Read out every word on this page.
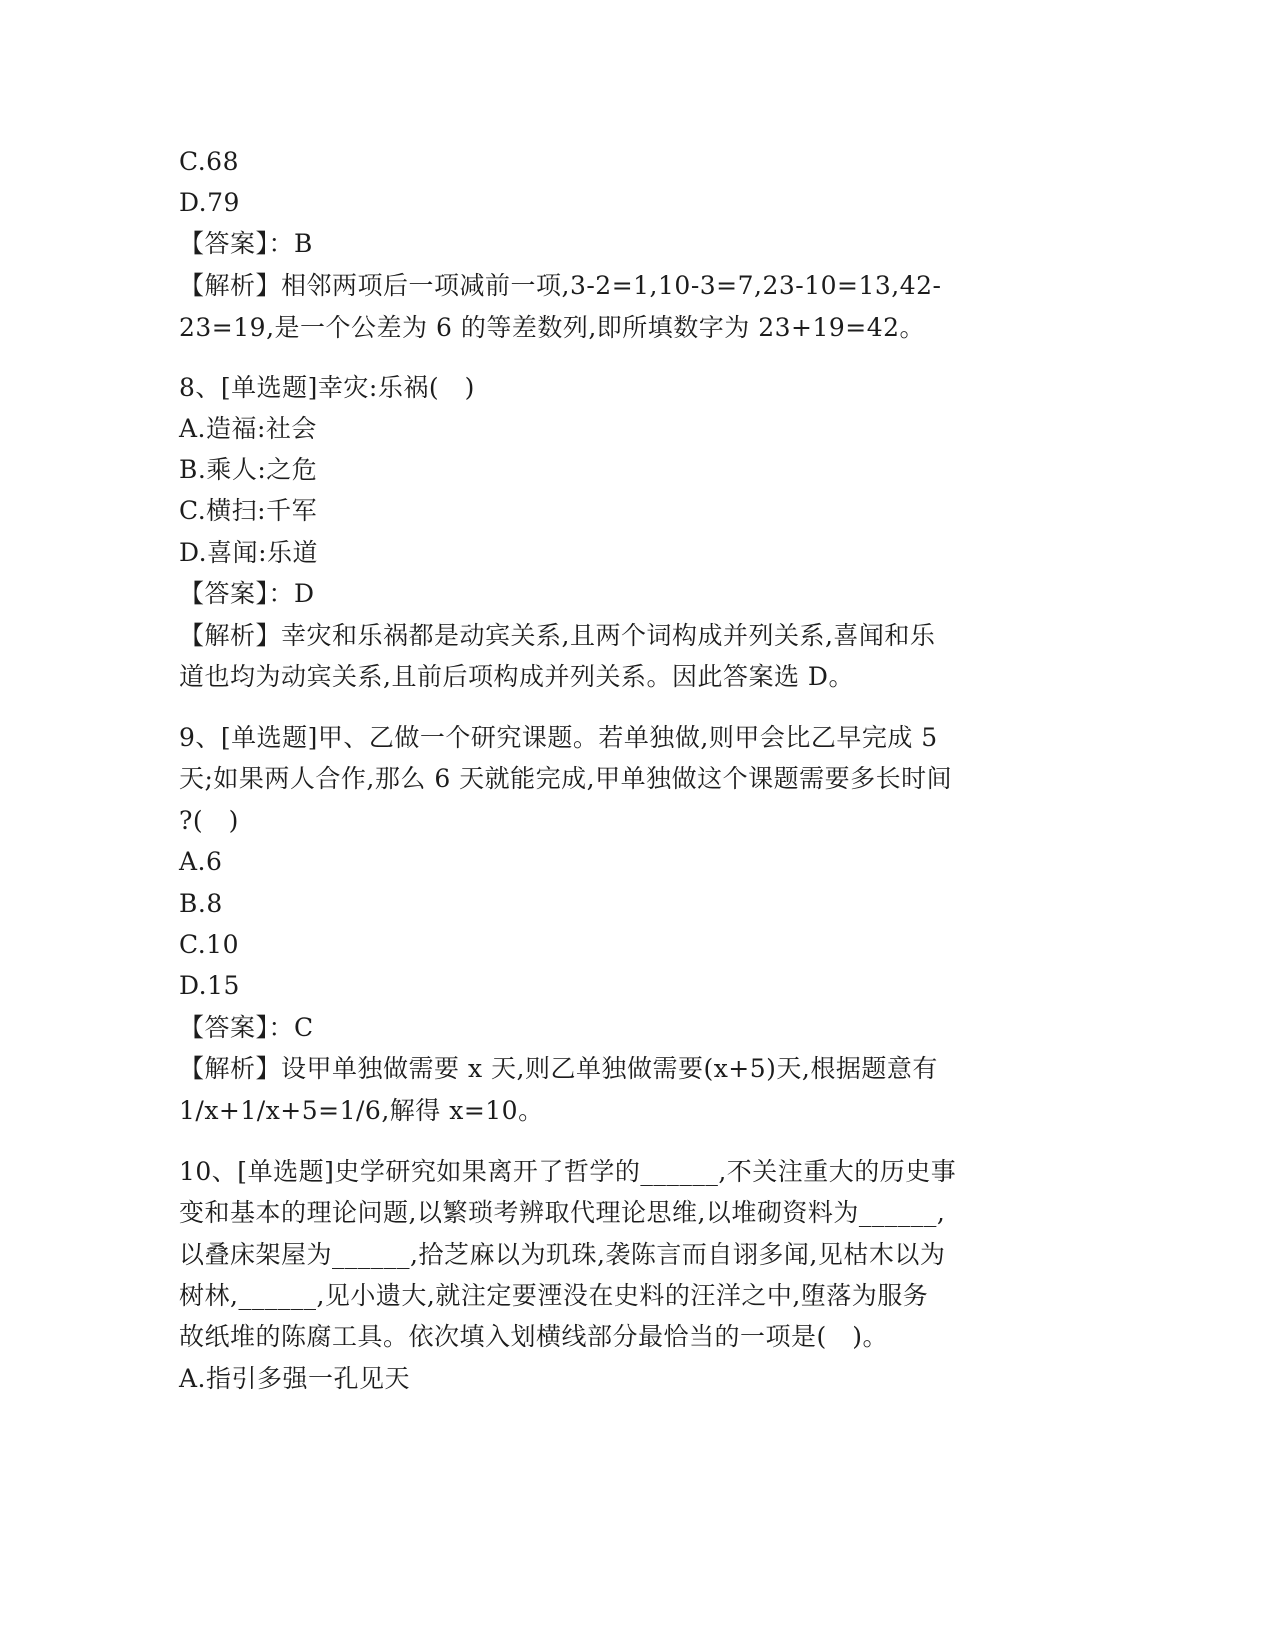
C.68
D.79
【答案】：B
【解析】相邻两项后一项减前一项,3-2=1,10-3=7,23-10=13,42-
23=19,是一个公差为 6 的等差数列,即所填数字为 23+19=42。
8、[单选题]幸灾:乐祸(　)
A.造福:社会
B.乘人:之危
C.横扫:千军
D.喜闻:乐道
【答案】：D
【解析】幸灾和乐祸都是动宾关系,且两个词构成并列关系,喜闻和乐
道也均为动宾关系,且前后项构成并列关系。因此答案选 D。
9、[单选题]甲、乙做一个研究课题。若单独做,则甲会比乙早完成 5
天;如果两人合作,那么 6 天就能完成,甲单独做这个课题需要多长时间
?(　)
A.6
B.8
C.10
D.15
【答案】：C
【解析】设甲单独做需要 x 天,则乙单独做需要(x+5)天,根据题意有
1/x+1/x+5=1/6,解得 x=10。
10、[单选题]史学研究如果离开了哲学的______,不关注重大的历史事
变和基本的理论问题,以繁琐考辨取代理论思维,以堆砌资料为______,
以叠床架屋为______,拾芝麻以为玑珠,袭陈言而自诩多闻,见枯木以为
树林,______,见小遗大,就注定要湮没在史料的汪洋之中,堕落为服务
故纸堆的陈腐工具。依次填入划横线部分最恰当的一项是(　)。
A.指引多强一孔见天
